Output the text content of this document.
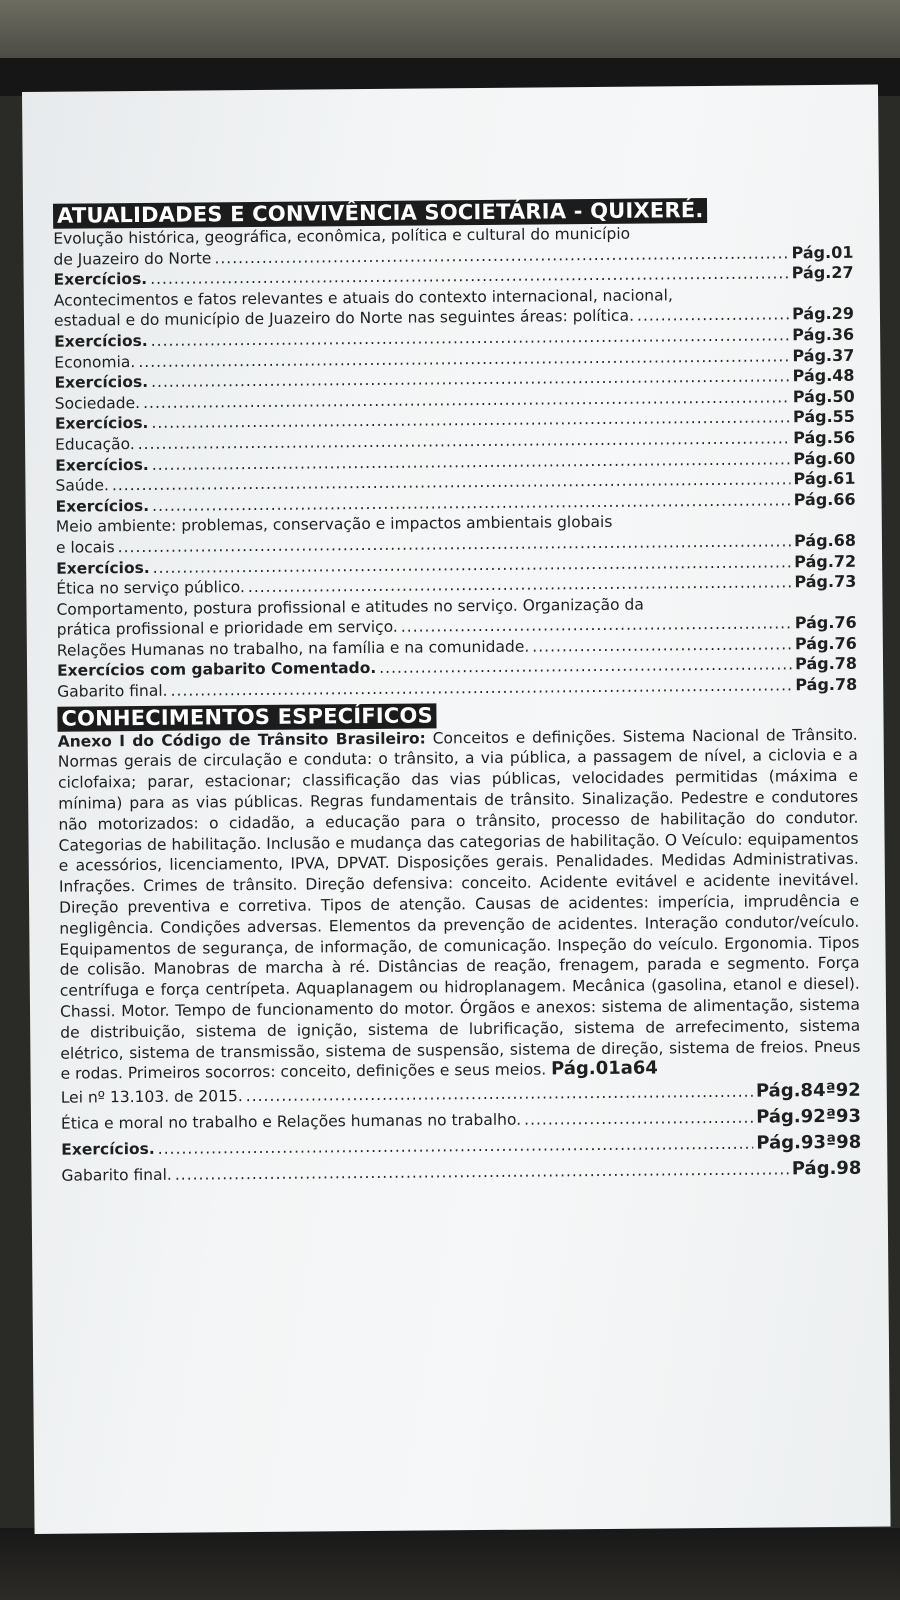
ATUALIDADES E CONVIVÊNCIA SOCIETÁRIA - QUIXERÉ.
Evolução histórica, geográfica, econômica, política e cultural do município
de Juazeiro do Norte .....	Pág.01
Exercícios. .....	Pág.27
Acontecimentos e fatos relevantes e atuais do contexto internacional, nacional,
estadual e do município de Juazeiro do Norte nas seguintes áreas: política. .....	Pág.29
Exercícios. .....	Pág.36
Economia. .....	Pág.37
Exercícios. .....	Pág.48
Sociedade. .....	Pág.50
Exercícios. .....	Pág.55
Educação. .....	Pág.56
Exercícios. .....	Pág.60
Saúde. .....	Pág.61
Exercícios. .....	Pág.66
Meio ambiente: problemas, conservação e impactos ambientais globais
e locais .....	Pág.68
Exercícios. .....	Pág.72
Ética no serviço público. .....	Pág.73
Comportamento, postura profissional e atitudes no serviço. Organização da
prática profissional e prioridade em serviço. .....	Pág.76
Relações Humanas no trabalho, na família e na comunidade. .....	Pág.76
Exercícios com gabarito Comentado. .....	Pág.78
Gabarito final. .....	Pág.78
CONHECIMENTOS ESPECÍFICOS
Anexo I do Código de Trânsito Brasileiro: Conceitos e definições. Sistema Nacional de Trânsito. Normas gerais de circulação e conduta: o trânsito, a via pública, a passagem de nível, a ciclovia e a ciclofaixa; parar, estacionar; classificação das vias públicas, velocidades permitidas (máxima e mínima) para as vias públicas. Regras fundamentais de trânsito. Sinalização. Pedestre e condutores não motorizados: o cidadão, a educação para o trânsito, processo de habilitação do condutor. Categorias de habilitação. Inclusão e mudança das categorias de habilitação. O Veículo: equipamentos e acessórios, licenciamento, IPVA, DPVAT. Disposições gerais. Penalidades. Medidas Administrativas. Infrações. Crimes de trânsito. Direção defensiva: conceito. Acidente evitável e acidente inevitável. Direção preventiva e corretiva. Tipos de atenção. Causas de acidentes: imperícia, imprudência e negligência. Condições adversas. Elementos da prevenção de acidentes. Interação condutor/veículo. Equipamentos de segurança, de informação, de comunicação. Inspeção do veículo. Ergonomia. Tipos de colisão. Manobras de marcha à ré. Distâncias de reação, frenagem, parada e segmento. Força centrífuga e força centrípeta. Aquaplanagem ou hidroplanagem. Mecânica (gasolina, etanol e diesel). Chassi. Motor. Tempo de funcionamento do motor. Órgãos e anexos: sistema de alimentação, sistema de distribuição, sistema de ignição, sistema de lubrificação, sistema de arrefecimento, sistema elétrico, sistema de transmissão, sistema de suspensão, sistema de direção, sistema de freios. Pneus e rodas. Primeiros socorros: conceito, definições e seus meios. Pág.01a64
Lei nº 13.103. de 2015. .....	Pág.84ª92
Ética e moral no trabalho e Relações humanas no trabalho. .....	Pág.92ª93
Exercícios. .....	Pág.93ª98
Gabarito final. .....	Pág.98
